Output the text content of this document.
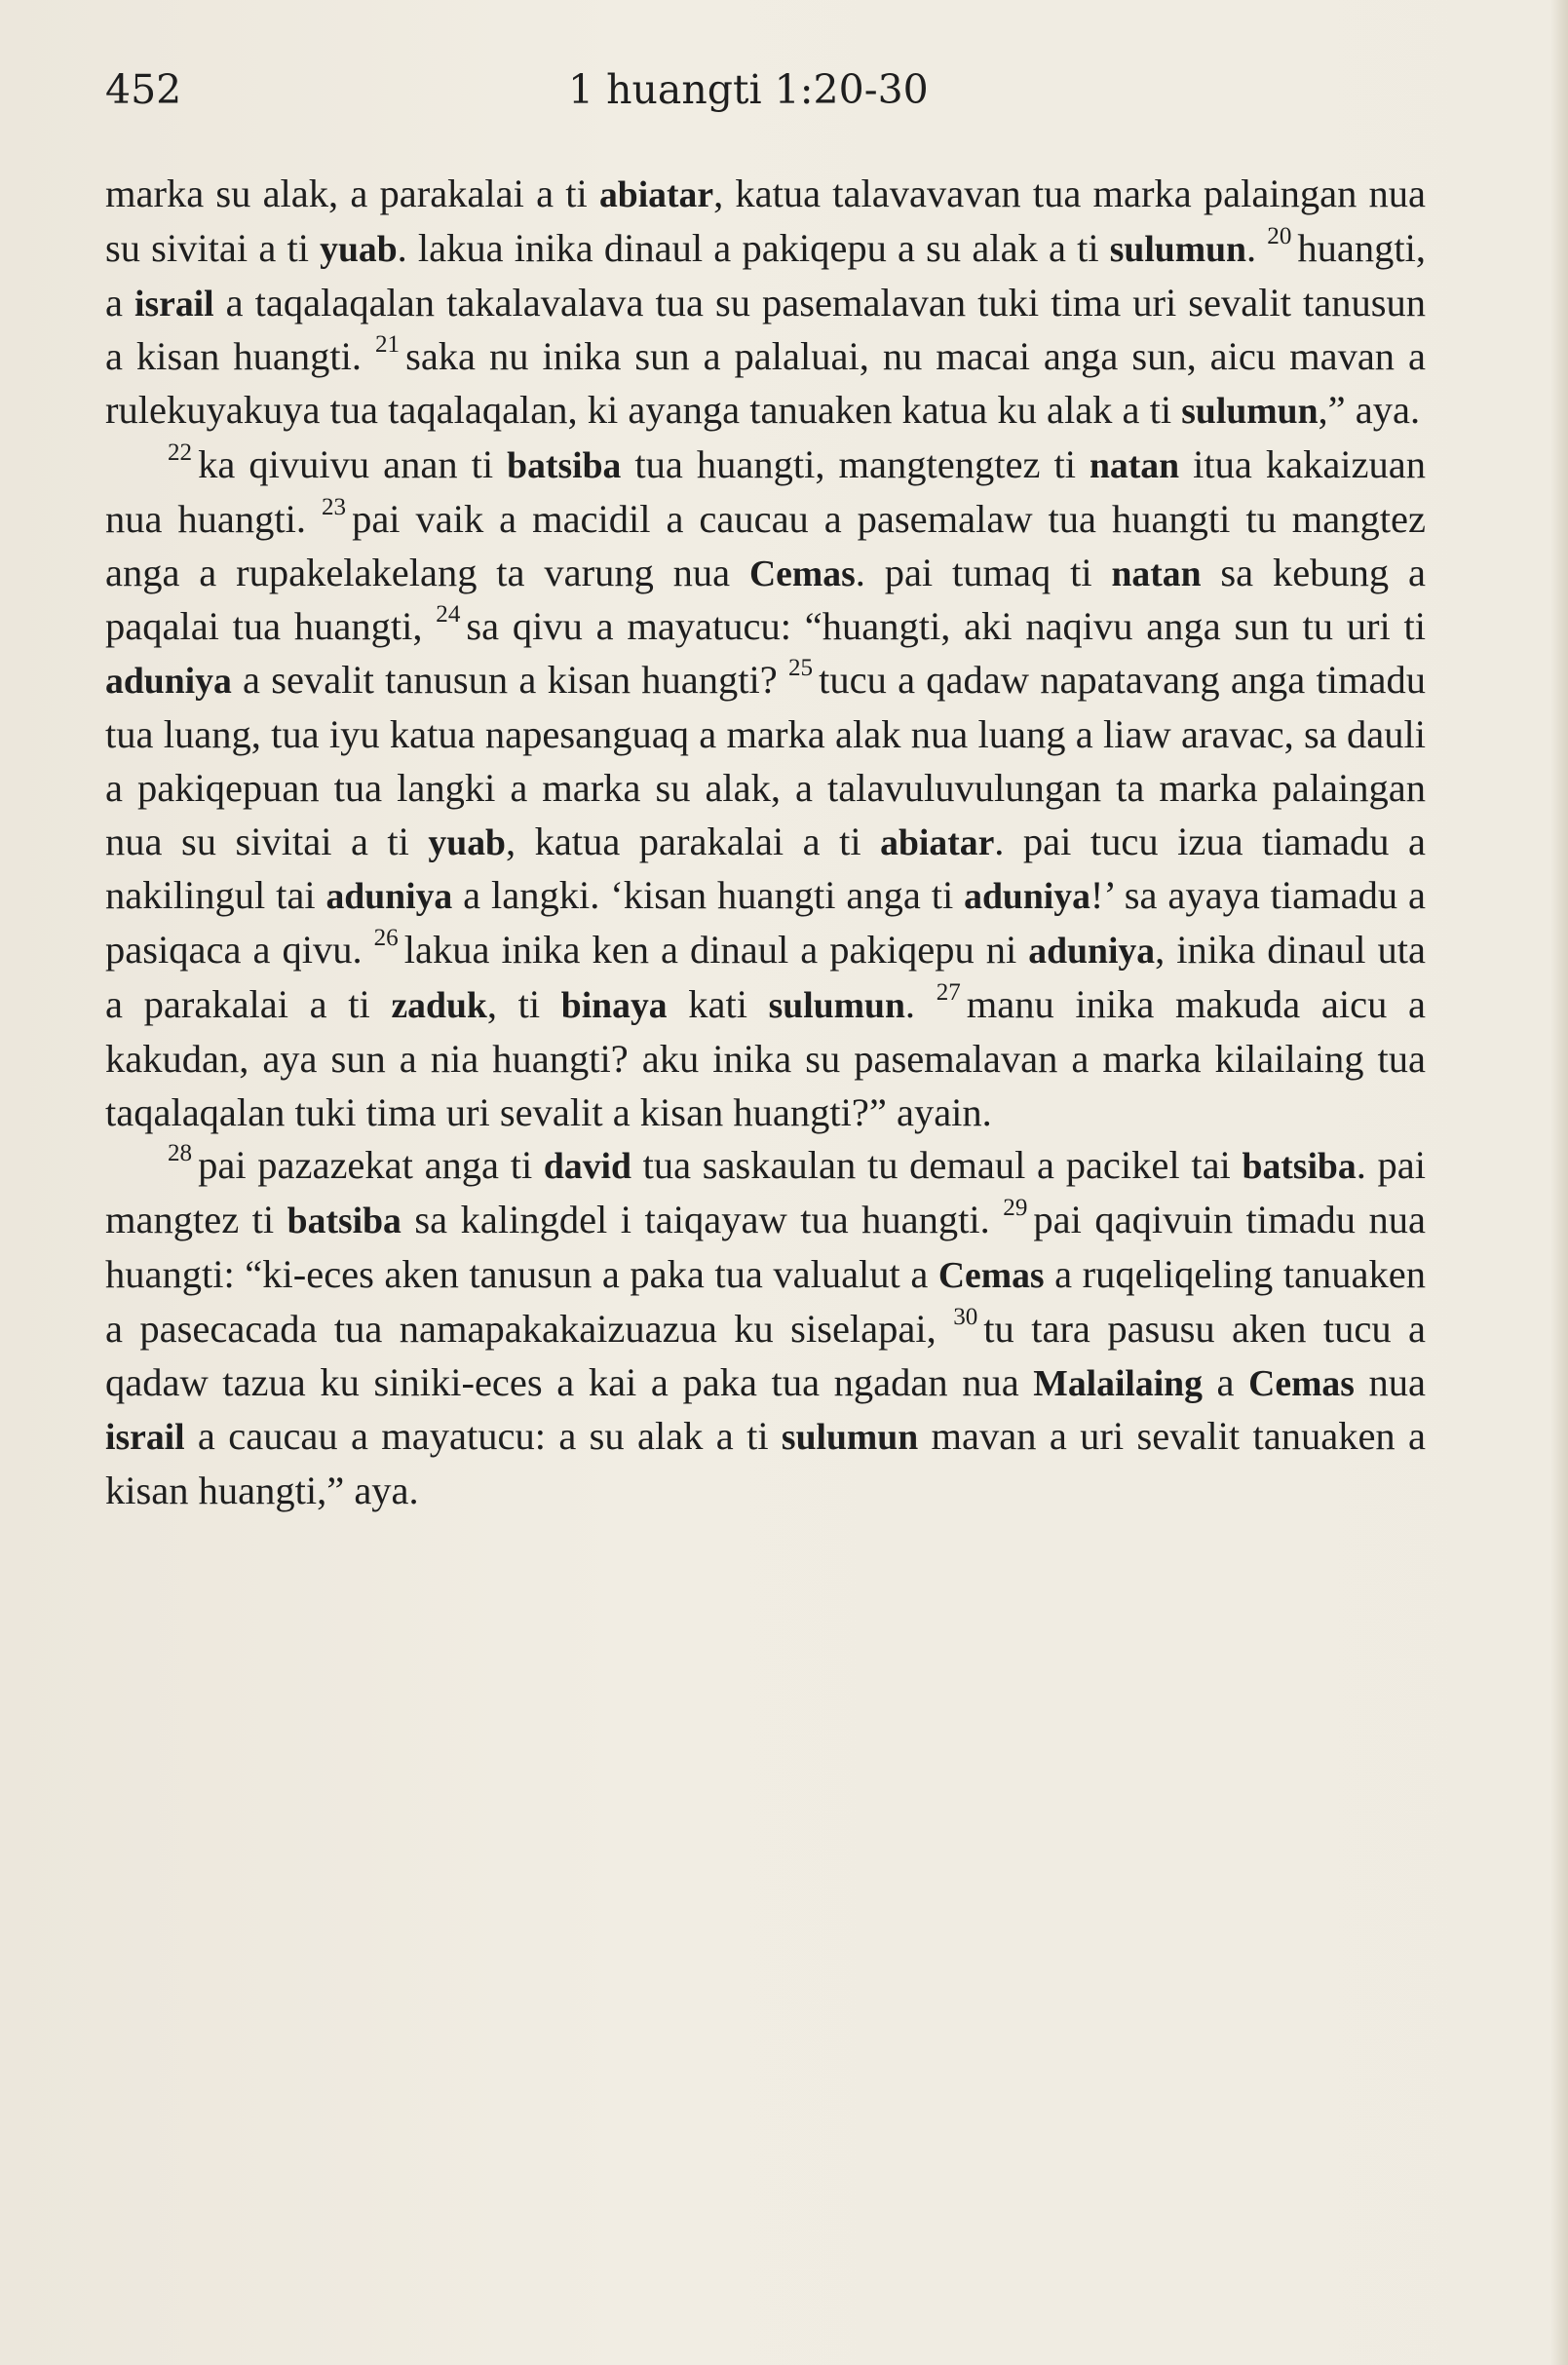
452	1 huangti 1:20-30

marka su alak, a parakalai a ti abiatar, katua talavavavan tua marka palaingan nua su sivitai a ti yuab. lakua inika dinaul a pakiqepu a su alak a ti sulumun. $^{20}$ huangti, a israil a taqalaqalan takalavalava tua su pasemalavan tuki tima uri sevalit tanusun a kisan huangti. $^{21}$ saka nu inika sun a palaluai, nu macai anga sun, aicu mavan a rulekuyakuya tua taqalaqalan, ki ayanga tanuaken katua ku alak a ti sulumun,” aya.

$^{22}$ ka qivuivu anan ti batsiba tua huangti, mangtengtez ti natan itua kakaizuan nua huangti. $^{23}$ pai vaik a macidil a caucau a pasemalaw tua huangti tu mangtez anga a rupakelakelang ta varung nua Cemas. pai tumaq ti natan sa kebung a paqalai tua huangti, $^{24}$ sa qivu a mayatucu: “huangti, aki naqivu anga sun tu uri ti aduniya a sevalit tanusun a kisan huangti? $^{25}$ tucu a qadaw napatavang anga timadu tua luang, tua iyu katua napesanguaq a marka alak nua luang a liaw aravac, sa dauli a pakiqepuan tua langki a marka su alak, a talavuluvulungan ta marka palaingan nua su sivitai a ti yuab, katua parakalai a ti abiatar. pai tucu izua tiamadu a nakilingul tai aduniya a langki. ‘kisan huangti anga ti aduniya!’ sa ayaya tiamadu a pasiqaca a qivu. $^{26}$ lakua inika ken a dinaul a pakiqepu ni aduniya, inika dinaul uta a parakalai a ti zaduk, ti binaya kati sulumun. $^{27}$ manu inika makuda aicu a kakudan, aya sun a nia huangti? aku inika su pasemalavan a marka kilailaing tua taqalaqalan tuki tima uri sevalit a kisan huangti?” ayain.

$^{28}$ pai pazazekat anga ti david tua saskaulan tu demaul a pacikel tai batsiba. pai mangtez ti batsiba sa kalingdel i taiqayaw tua huangti. $^{29}$ pai qaqivuin timadu nua huangti: “ki-eces aken tanusun a paka tua valualut a Cemas a ruqeliqeling tanuaken a pasecacada tua namapakakaizuazua ku siselapai, $^{30}$ tu tara pasusu aken tucu a qadaw tazua ku siniki-eces a kai a paka tua ngadan nua Malailaing a Cemas nua israil a caucau a mayatucu: a su alak a ti sulumun mavan a uri sevalit tanuaken a kisan huangti,” aya.
